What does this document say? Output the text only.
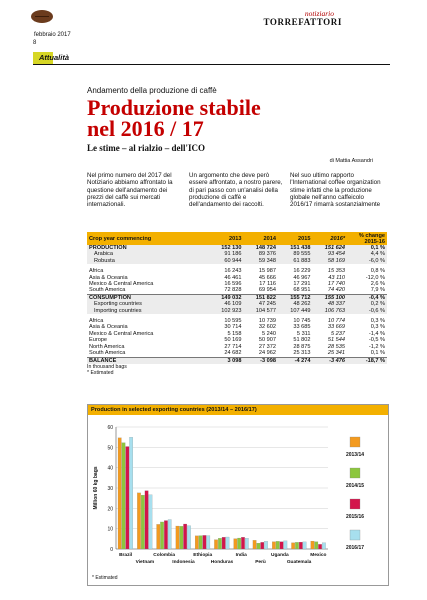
febbraio 2017
8
notiziario
TORREFATTORI
Attualità
Andamento della produzione di caffè
Produzione stabile
nel 2016 / 17
Le stime – al rialzio – dell'ICO
di Mattia Assandri
Nel primo numero del 2017 del
Notiziario abbiamo affrontato la
questione dell'andamento dei
prezzi del caffè sui mercati
internazionali.
Un argomento che deve però
essere affrontato, a nostro parere,
di pari passo con un'analisi della
produzione di caffè e
dell'andamento dei raccolti.
Nel suo ultimo rapporto
l'International coffee organization
stime infatti che la produzione
globale nell'anno caffeicolo
2016/17 rimarrà sostanzialmente
Crop year commencing	2013	2014	2015	2016*	% change 2015-16
PRODUCTION	152 130	148 724	151 438	151 624	0,1 %
Arabica	91 186	89 376	89 555	93 454	4,4 %
Robusta	60 944	59 348	61 883	58 169	-6,0 %

Africa	16 243	15 987	16 229	15 353	0,8 %
Asia & Oceania	46 461	45 666	46 967	43 110	-12,0 %
Mexico & Central America	16 596	17 116	17 291	17 740	2,6 %
South America	72 828	69 954	68 951	74 420	7,9 %
CONSUMPTION	149 032	151 822	155 712	155 100	-0,4 %
Exporting countries	46 109	47 245	48 262	48 337	0,2 %
Importing countries	102 923	104 577	107 449	106 763	-0,6 %

Africa	10 595	10 739	10 745	10 774	0,3 %
Asia & Oceania	30 714	32 602	33 685	33 669	0,3 %
Mexico & Central America	5 158	5 240	5 311	5 237	-1,4 %
Europe	50 169	50 907	51 802	51 544	-0,5 %
North America	27 714	27 372	28 875	28 535	-1,2 %
South America	24 682	24 962	25 313	25 341	0,1 %
BALANCE	3 098	-3 098	-4 274	-3 476	-18,7 %
In thousand bags
* Estimated
Production in selected exporting countries (2013/14 – 2016/17)
0
10
20
30
40
50
60
Million 60 kg bags
Brazil
Vietnam
Colombia
Indonesia
Ethiopia
Honduras
India
Perù
Uganda
Guatemala
Mexico
2013/14
2014/15
2015/16
2016/17
* Estimated
